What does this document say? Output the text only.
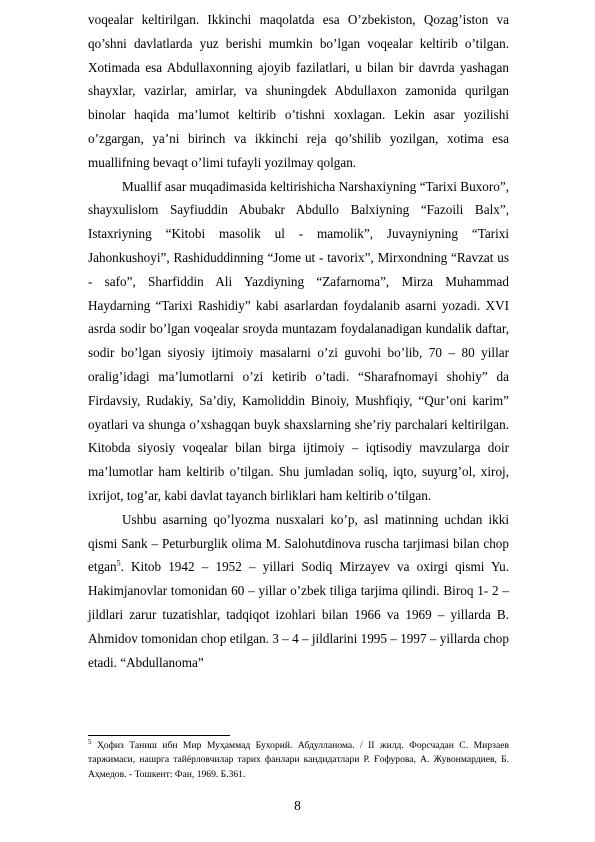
voqealar keltirilgan. Ikkinchi maqolatda esa O’zbekiston, Qozag’iston va qo’shni davlatlarda yuz berishi mumkin bo’lgan voqealar keltirib o’tilgan. Xotimada esa Abdullaxonning ajoyib fazilatlari, u bilan bir davrda yashagan shayxlar, vazirlar, amirlar, va shuningdek Abdullaxon zamonida qurilgan binolar haqida ma’lumot keltirib o’tishni xoxlagan. Lekin asar yozilishi o’zgargan, ya’ni birinch va ikkinchi reja qo’shilib yozilgan, xotima esa muallifning bevaqt o’limi tufayli yozilmay qolgan.

Muallif asar muqadimasida keltirishicha Narshaxiyning “Tarixi Buxoro”, shayxulislom Sayfiuddin Abubakr Abdullo Balxiyning “Fazoili Balx”, Istaxriyning “Kitobi masolik ul - mamolik”, Juvayniyning “Tarixi Jahonkushoyi”, Rashiduddinning “Jome ut - tavorix”, Mirxondning “Ravzat us - safo”, Sharfiddin Ali Yazdiyning “Zafarnoma”, Mirza Muhammad Haydarning “Tarixi Rashidiy” kabi asarlardan foydalanib asarni yozadi. XVI asrda sodir bo’lgan voqealar sroyda muntazam foydalanadigan kundalik daftar, sodir bo’lgan siyosiy ijtimoiy masalarni o’zi guvohi bo’lib, 70 – 80 yillar oralig’idagi ma’lumotlarni o’zi ketirib o’tadi. “Sharafnomayi shohiy” da Firdavsiy, Rudakiy, Sa’diy, Kamoliddin Binoiy, Mushfiqiy, “Qur’oni karim” oyatlari va shunga o’xshagqan buyk shaxslarning she’riy parchalari keltirilgan. Kitobda siyosiy voqealar bilan birga ijtimoiy – iqtisodiy mavzularga doir ma’lumotlar ham keltirib o’tilgan. Shu jumladan soliq, iqto, suyurg’ol, xiroj, ixrijot, tog’ar, kabi davlat tayanch birliklari ham keltirib o’tilgan.

Ushbu asarning qo’lyozma nusxalari ko’p, asl matinning uchdan ikki qismi Sank – Peturburglik olima M. Salohutdinova ruscha tarjimasi bilan chop etgan$^5$. Kitob 1942 – 1952 – yillari Sodiq Mirzayev va oxirgi qismi Yu. Hakimjanovlar tomonidan 60 – yillar o’zbek tiliga tarjima qilindi. Biroq 1- 2 – jildlari zarur tuzatishlar, tadqiqot izohlari bilan 1966 va 1969 – yillarda B. Ahmidov tomonidan chop etilgan. 3 – 4 – jildlarini 1995 – 1997 – yillarda chop etadi. “Abdullanoma”

$^5$ Ҳофиз Таниш ибн Мир Муҳаммад Бухорий. Абдулланома. / II жилд. Форсчадан С. Мирзаев таржимаси, нашрга тайёрловчилар тарих фанлари кандидатлари Р. Ғофурова, А. Жувонмардиев, Б. Аҳмедов. - Тошкент: Фан, 1969. Б.361.
8
